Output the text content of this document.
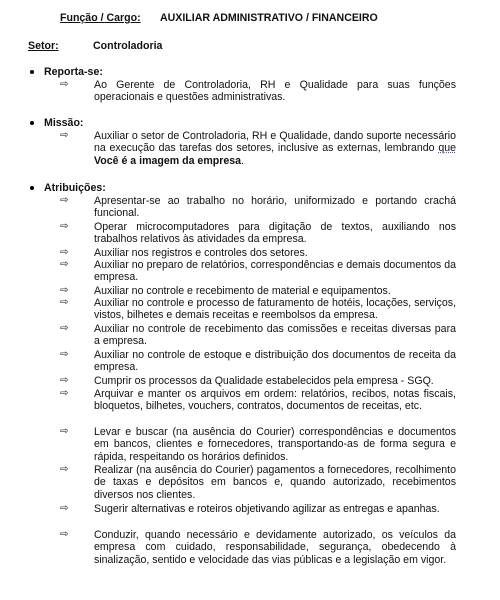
Função / Cargo: AUXILIAR ADMINISTRATIVO / FINANCEIRO
Setor:	Controladoria
Reporta-se:
⇨ Ao Gerente de Controladoria, RH e Qualidade para suas funções operacionais e questões administrativas.
Missão:
⇨ Auxiliar o setor de Controladoria, RH e Qualidade, dando suporte necessário na execução das tarefas dos setores, inclusive as externas, lembrando que Você é a imagem da empresa.
Atribuições:
⇨ Apresentar-se ao trabalho no horário, uniformizado e portando crachá funcional.
⇨ Operar microcomputadores para digitação de textos, auxiliando nos trabalhos relativos às atividades da empresa.
⇨ Auxiliar nos registros e controles dos setores.
⇨ Auxiliar no preparo de relatórios, correspondências e demais documentos da empresa.
⇨ Auxiliar no controle e recebimento de material e equipamentos.
⇨ Auxiliar no controle e processo de faturamento de hotéis, locações, serviços, vistos, bilhetes e demais receitas e reembolsos da empresa.
⇨ Auxiliar no controle de recebimento das comissões e receitas diversas para a empresa.
⇨ Auxiliar no controle de estoque e distribuição dos documentos de receita da empresa.
⇨ Cumprir os processos da Qualidade estabelecidos pela empresa - SGQ.
⇨ Arquivar e manter os arquivos em ordem: relatórios, recibos, notas fiscais, bloquetos, bilhetes, vouchers, contratos, documentos de receitas, etc.
⇨ Levar e buscar (na ausência do Courier) correspondências e documentos em bancos, clientes e fornecedores, transportando-as de forma segura e rápida, respeitando os horários definidos.
⇨ Realizar (na ausência do Courier) pagamentos a fornecedores, recolhimento de taxas e depósitos em bancos e, quando autorizado, recebimentos diversos nos clientes.
⇨ Sugerir alternativas e roteiros objetivando agilizar as entregas e apanhas.
⇨ Conduzir, quando necessário e devidamente autorizado, os veículos da empresa com cuidado, responsabilidade, segurança, obedecendo à sinalização, sentido e velocidade das vias públicas e a legislação em vigor.
